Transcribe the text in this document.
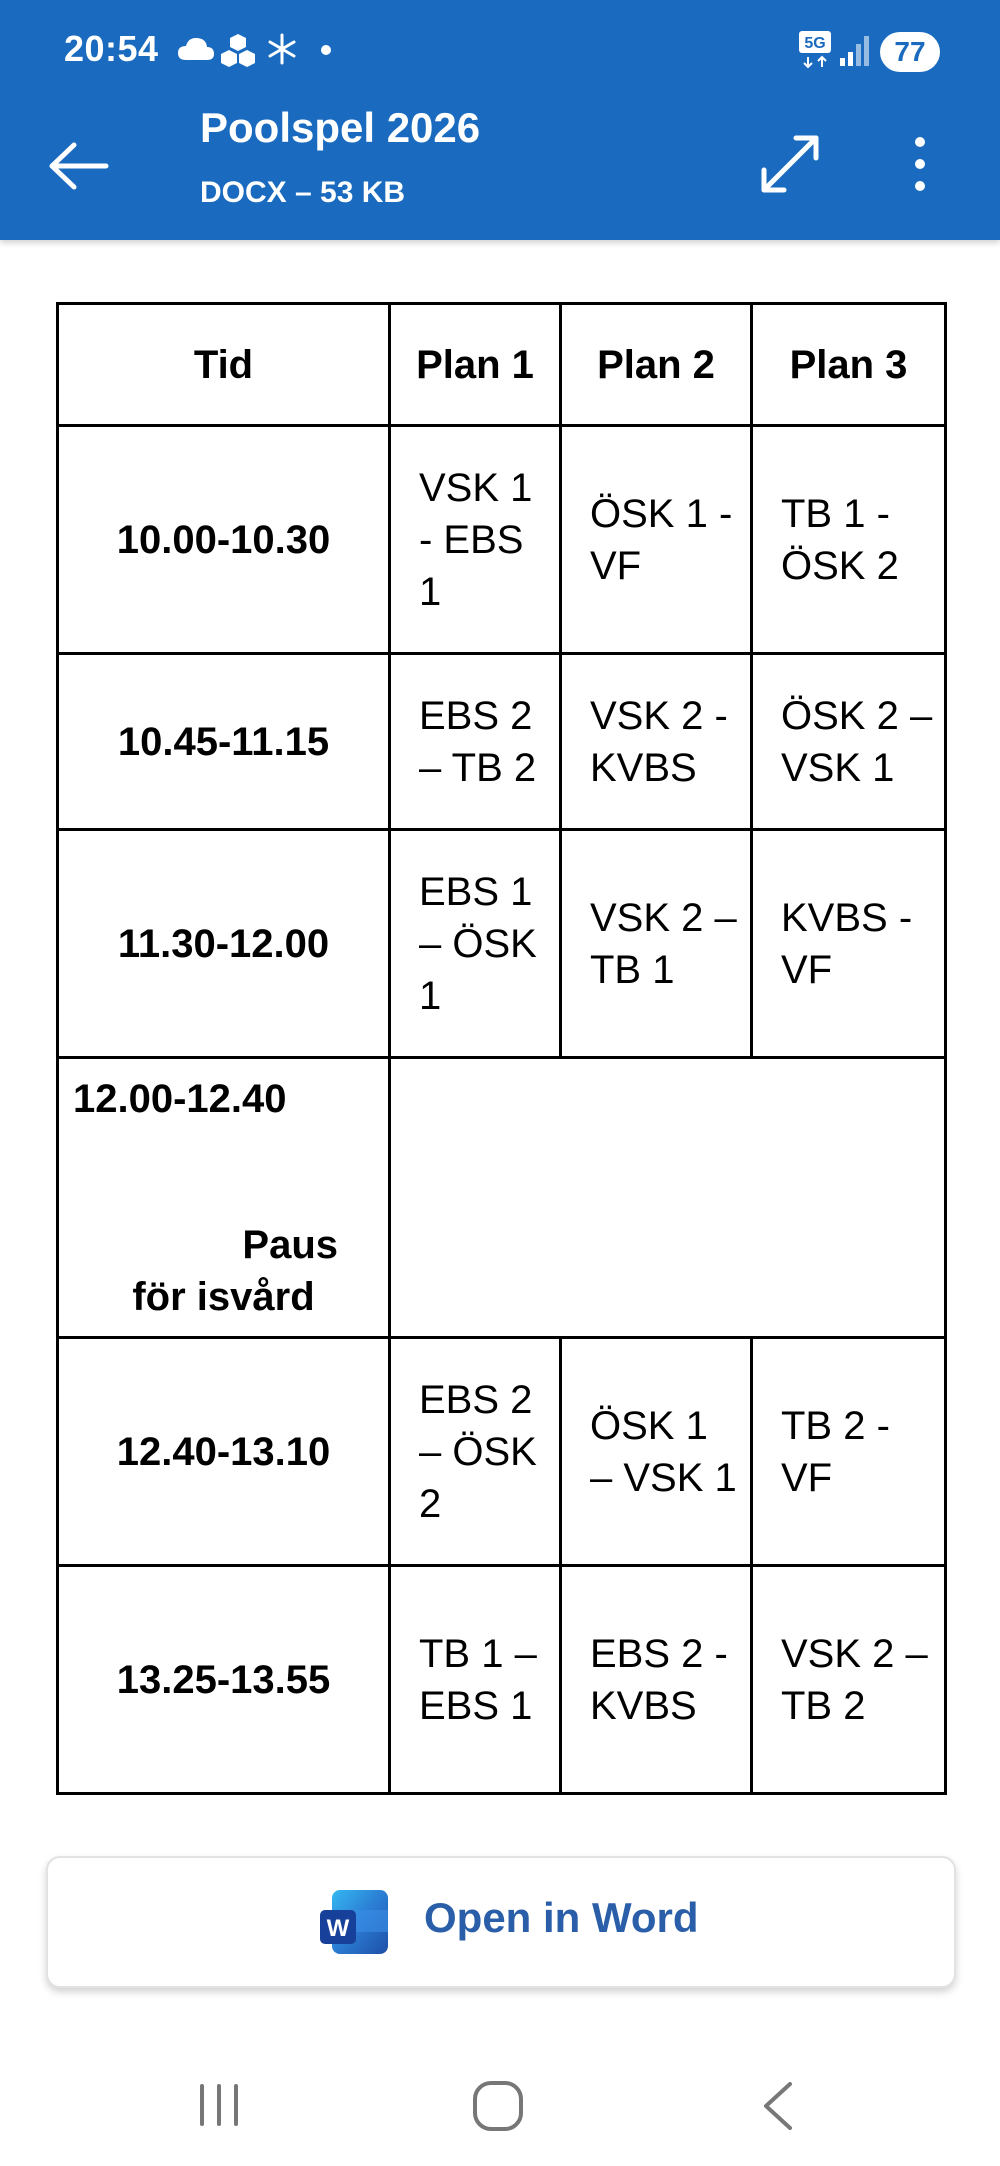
20:54	5G	77
Poolspel 2026
DOCX – 53 KB
Tid	Plan 1	Plan 2	Plan 3
10.00-10.30	VSK 1 - EBS 1	ÖSK 1 - VF	TB 1 - ÖSK 2
10.45-11.15	EBS 2 – TB 2	VSK 2 - KVBS	ÖSK 2 – VSK 1
11.30-12.00	EBS 1 – ÖSK 1	VSK 2 – TB 1	KVBS - VF

12.00-12.40
Paus
för isvård			

12.40-13.10	EBS 2 – ÖSK 2	ÖSK 1 – VSK 1	TB 2 - VF
13.25-13.55	TB 1 – EBS 1	EBS 2 - KVBS	VSK 2 – TB 2
W Open in Word
